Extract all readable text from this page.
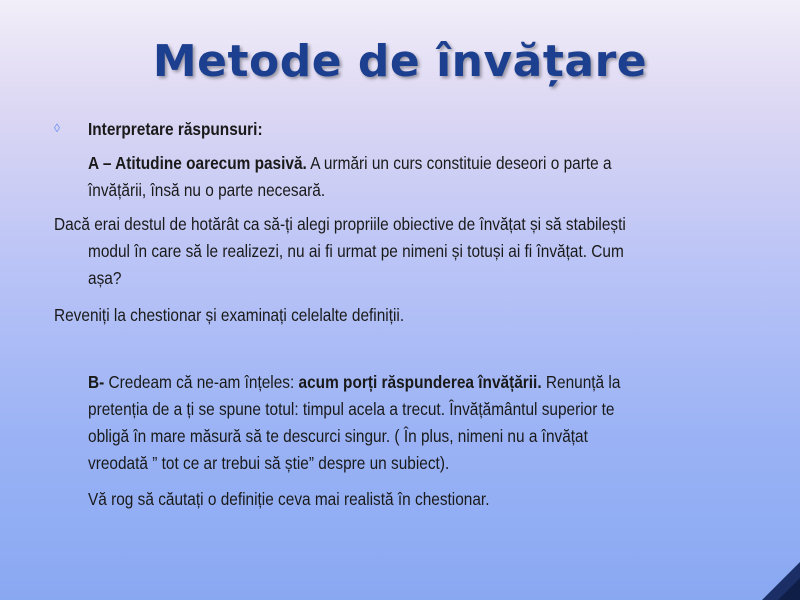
Metode de învățare
◊ Interpretare răspunsuri:
A – Atitudine oarecum pasivă. A urmări un curs constituie deseori o parte a
învățării, însă nu o parte necesară.
Dacă erai destul de hotărât ca să-ți alegi propriile obiective de învățat și să stabilești
modul în care să le realizezi, nu ai fi urmat pe nimeni și totuși ai fi învățat. Cum
așa?
Reveniți la chestionar și examinați celelalte definiții.
B- Credeam că ne-am înțeles: acum porți răspunderea învățării. Renunță la
pretenția de a ți se spune totul: timpul acela a trecut. Învățământul superior te
obligă în mare măsură să te descurci singur. ( În plus, nimeni nu a învățat
vreodată ” tot ce ar trebui să știe” despre un subiect).
Vă rog să căutați o definiție ceva mai realistă în chestionar.
